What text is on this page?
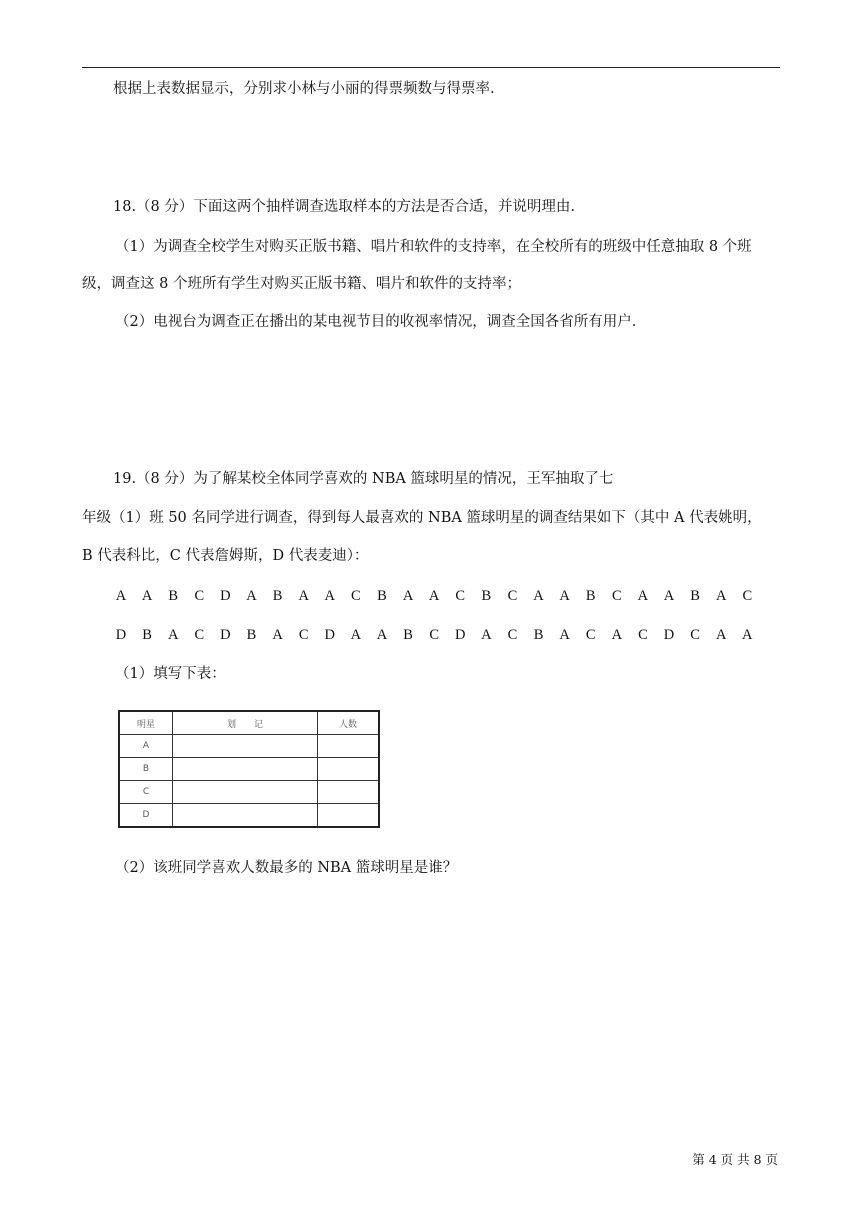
根据上表数据显示，分别求小林与小丽的得票频数与得票率.
18.（8 分）下面这两个抽样调查选取样本的方法是否合适，并说明理由.
（1）为调查全校学生对购买正版书籍、唱片和软件的支持率，在全校所有的班级中任意抽取 8 个班
级，调查这 8 个班所有学生对购买正版书籍、唱片和软件的支持率；
（2）电视台为调查正在播出的某电视节目的收视率情况，调查全国各省所有用户.
19.（8 分）为了解某校全体同学喜欢的 NBA 篮球明星的情况，王军抽取了七
年级（1）班 50 名同学进行调查，得到每人最喜欢的 NBA 篮球明星的调查结果如下（其中 A 代表姚明，
B 代表科比，C 代表詹姆斯，D 代表麦迪）：
A	A	B	C	D	A	B	A	A	C	B	A	A	C	B	C	A	A	B	C	A	A	B	A	C
D	B	A	C	D	B	A	C	D	A	A	B	C	D	A	C	B	A	C	A	C	D	C	A	A
（1）填写下表：
明星	划　　记	人数
A		
B		
C		
D		
（2）该班同学喜欢人数最多的 NBA 篮球明星是谁？
第 4 页 共 8 页
